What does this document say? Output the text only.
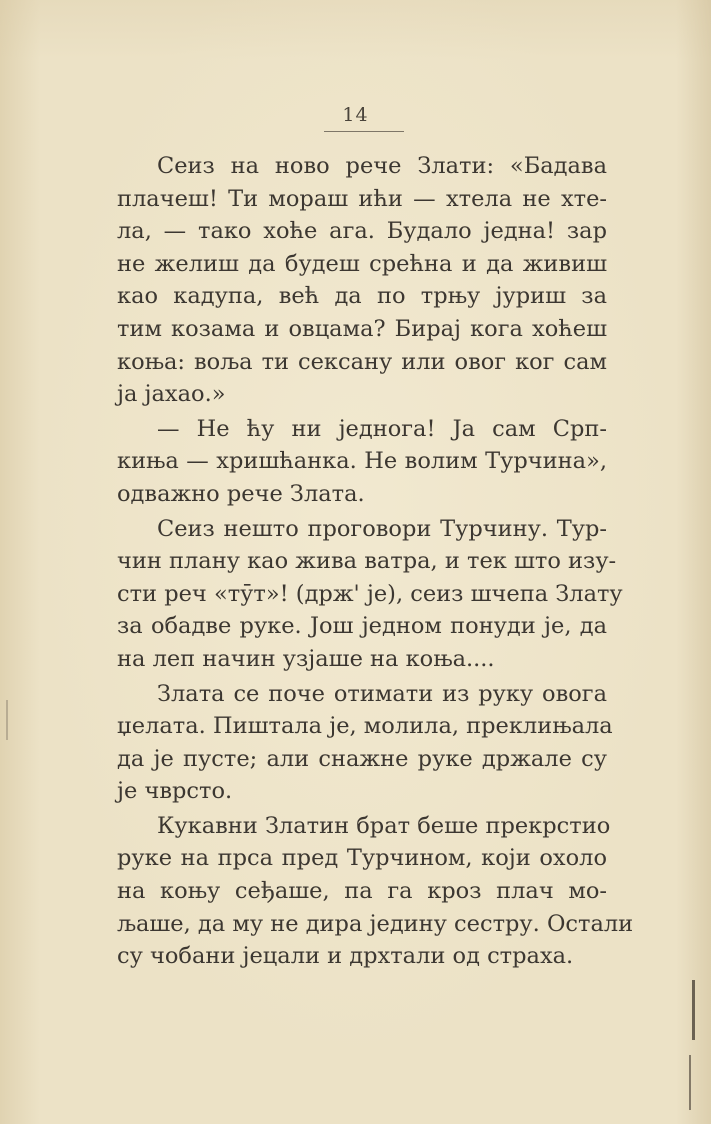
14
Сеиз на ново рече Злати: «Бадава
плачеш! Ти мораш ићи — хтела не хте-
ла, — тако хоће ага. Будало једна! зар
не желиш да будеш срећна и да живиш
као кадупа, већ да по трњу јуриш за
тим козама и овцама? Бирај кога хоћеш
коња: вољa ти сексану или овог ког сам
ја јахао.»
— Не ћу ни једнога! Ја сам Срп-
кињa — хришћанка. Не волим Турчина»,
одважно рече Злата.
Сеиз нешто проговори Турчину. Тур-
чин плану као жива ватра, и тек што изу-
сти реч «тӯт»! (држ' је), сеиз шчепа Злату
за обадве руке. Још једном понуди је, да
на леп начин узјаше на коња....
Злата се поче отимати из руку овога
џелата. Пиштала је, молила, преклињала
да је пусте; али снажне руке држале су
је чврсто.
Кукавни Златин брат беше прекрстио
руке на прса пред Турчином, који охоло
на коњу сеђаше, па га кроз плач мо-
љаше, да му не дира једину сестру. Остали
су чобани јецали и дрхтали од страха.
